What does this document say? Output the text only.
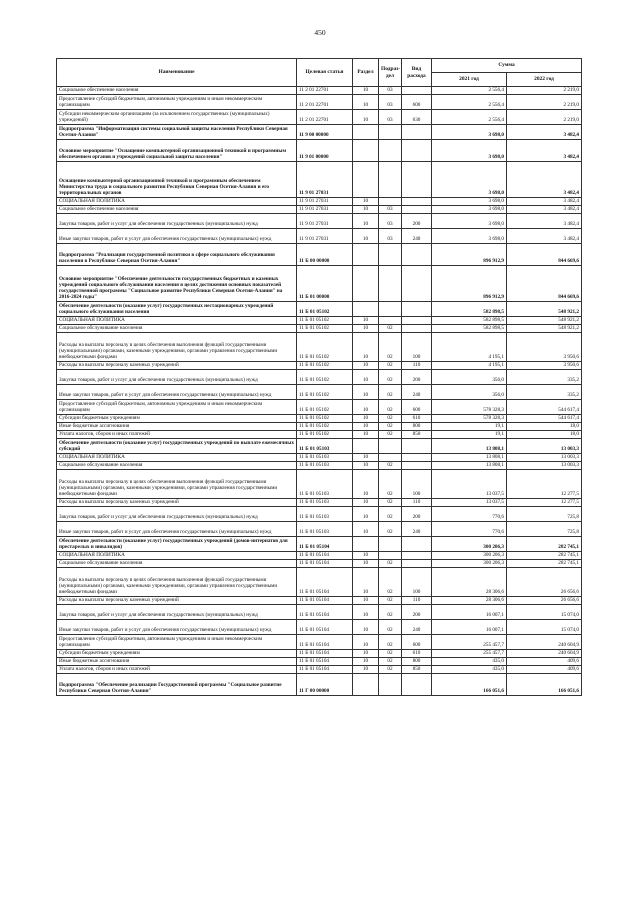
450
Наименование	Целевая статья	Раздел	Подраз-дел	Вид расхода	Сумма	
					2021 год	2022 год
Социальное обеспечение населения	11 2 01 22701	10	03		2 556,4	2 219,0
Предоставление субсидий бюджетным, автономным учреждениям и иным некоммерческим организациям	11 2 01 22701	10	03	600	2 556,4	2 219,0
Субсидии некоммерческим организациям (за исключением государственных (муниципальных) учреждений)	11 2 01 22701	10	03	630	2 556,4	2 219,0
Подпрограмма "Информатизация системы социальной защиты населения Республики Северная Осетия-Алания"	11 9 00 00000				3 698,0	3 482,4
Основное мероприятие "Оснащение компьютерной организационной техникой и программным обеспечением органов и учреждений социальной защиты населения"	11 9 01 00000				3 698,0	3 482,4
Оснащение компьютерной организационной техникой и программным обеспечением Министерства труда и социального развития Республики Северная Осетия-Алания и его территориальных органов	11 9 01 27031				3 698,0	3 482,4
СОЦИАЛЬНАЯ ПОЛИТИКА	11 9 01 27031	10			3 698,0	3 482,4
Социальное обеспечение населения	11 9 01 27031	10	03		3 698,0	3 482,4
Закупка товаров, работ и услуг для обеспечения государственных (муниципальных) нужд	11 9 01 27031	10	03	200	3 698,0	3 482,4
Иные закупки товаров, работ и услуг для обеспечения государственных (муниципальных) нужд	11 9 01 27031	10	03	240	3 698,0	3 482,4
Подпрограмма "Реализация государственной политики в сфере социального обслуживания населения в Республике Северная Осетия-Алания"	11 Б 00 00000				896 912,9	844 669,6
Основное мероприятие "Обеспечение деятельности государственных бюджетных и казенных учреждений социального обслуживания населения в целях достижения основных показателей государственной программы "Социальное развитие Республики Северная Осетия-Алания" на 2016-2024 годы"	11 Б 01 00000				896 912,9	844 669,6
Обеспечение деятельности (оказание услуг) государственных нестационарных учреждений социального обслуживания населения	11 Б 01 05102				582 898,5	548 921,2
СОЦИАЛЬНАЯ ПОЛИТИКА	11 Б 01 05102	10			582 898,5	548 921,2
Социальное обслуживание населения	11 Б 01 05102	10	02		582 898,5	548 921,2
Расходы на выплаты персоналу в целях обеспечения выполнения функций государственными (муниципальными) органами, казенными учреждениями, органами управления государственными внебюджетными фондами	11 Б 01 05102	10	02	100	4 195,1	3 950,6
Расходы на выплаты персоналу казенных учреждений	11 Б 01 05102	10	02	110	4 195,1	3 950,6
Закупка товаров, работ и услуг для обеспечения государственных (муниципальных) нужд	11 Б 01 05102	10	02	200	356,0	335,2
Иные закупки товаров, работ и услуг для обеспечения государственных (муниципальных) нужд	11 Б 01 05102	10	02	240	356,0	335,2
Предоставление субсидий бюджетным, автономным учреждениям и иным некоммерческим организациям	11 Б 01 05102	10	02	600	578 328,3	544 617,4
Субсидии бюджетным учреждениям	11 Б 01 05102	10	02	610	578 328,3	544 617,4
Иные бюджетные ассигнования	11 Б 01 05102	10	02	800	19,1	18,0
Уплата налогов, сборов и иных платежей	11 Б 01 05102	10	02	850	19,1	18,0
Обеспечение деятельности (оказание услуг) государственных учреждений по выплате ежемесячных субсидий	11 Б 01 05103				13 808,1	13 003,3
СОЦИАЛЬНАЯ ПОЛИТИКА	11 Б 01 05103	10			13 808,1	13 003,3
Социальное обслуживание населения	11 Б 01 05103	10	02		13 808,1	13 003,3
Расходы на выплаты персоналу в целях обеспечения выполнения функций государственными (муниципальными) органами, казенными учреждениями, органами управления государственными внебюджетными фондами	11 Б 01 05103	10	02	100	13 037,5	12 277,5
Расходы на выплаты персоналу казенных учреждений	11 Б 01 05103	10	02	110	13 037,5	12 277,5
Закупка товаров, работ и услуг для обеспечения государственных (муниципальных) нужд	11 Б 01 05103	10	02	200	770,6	725,8
Иные закупки товаров, работ и услуг для обеспечения государственных (муниципальных) нужд	11 Б 01 05103	10	02	240	770,6	725,8
Обеспечение деятельности (оказание услуг) государственных учреждений (домов-интернатов для престарелых и инвалидов)	11 Б 01 05104				300 206,3	282 745,1
СОЦИАЛЬНАЯ ПОЛИТИКА	11 Б 01 05104	10			300 206,3	282 745,1
Социальное обслуживание населения	11 Б 01 05104	10	02		300 206,3	282 745,1
Расходы на выплаты персоналу в целях обеспечения выполнения функций государственными (муниципальными) органами, казенными учреждениями, органами управления государственными внебюджетными фондами	11 Б 01 05104	10	02	100	28 306,6	26 656,6
Расходы на выплаты персоналу казенных учреждений	11 Б 01 05104	10	02	110	28 306,6	26 656,6
Закупка товаров, работ и услуг для обеспечения государственных (муниципальных) нужд	11 Б 01 05104	10	02	200	16 007,1	15 074,0
Иные закупки товаров, работ и услуг для обеспечения государственных (муниципальных) нужд	11 Б 01 05104	10	02	240	16 007,1	15 074,0
Предоставление субсидий бюджетным, автономным учреждениям и иным некоммерческим организациям	11 Б 01 05104	10	02	600	255 457,7	240 604,9
Субсидии бюджетным учреждениям	11 Б 01 05104	10	02	610	255 457,7	240 604,9
Иные бюджетные ассигнования	11 Б 01 05104	10	02	800	435,0	409,6
Уплата налогов, сборов и иных платежей	11 Б 01 05104	10	02	850	435,0	409,6
Подпрограмма "Обеспечение реализации Государственной программы "Социальное развитие Республики Северная Осетия-Алания"	11 Г 00 00000				166 051,6	166 051,6
